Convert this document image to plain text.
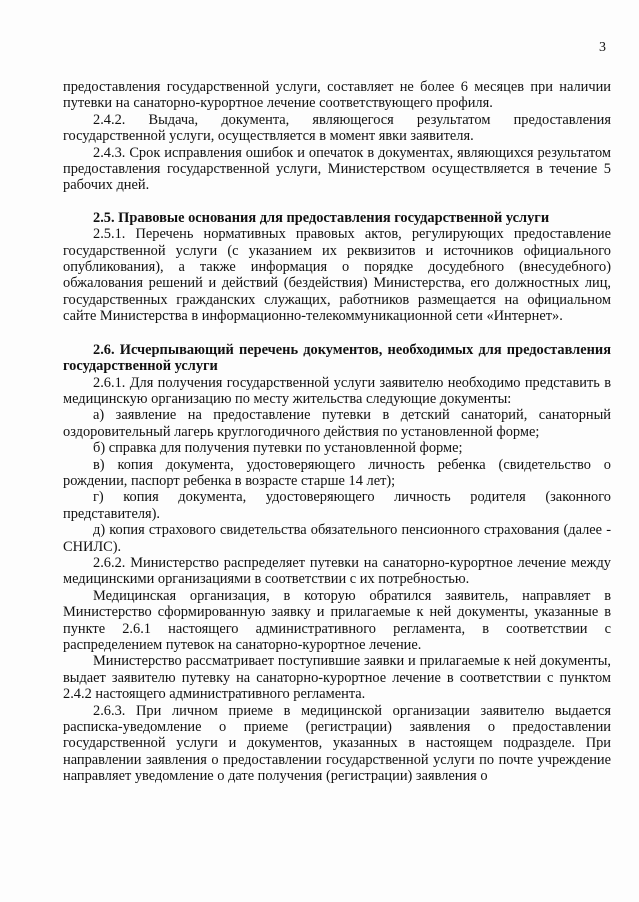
3

предоставления государственной услуги, составляет не более 6 месяцев при наличии путевки на санаторно-курортное лечение соответствующего профиля.

2.4.2. Выдача, документа, являющегося результатом предоставления государственной услуги, осуществляется в момент явки заявителя.

2.4.3. Срок исправления ошибок и опечаток в документах, являющихся результатом предоставления государственной услуги, Министерством осуществляется в течение 5 рабочих дней.

2.5. Правовые основания для предоставления государственной услуги

2.5.1. Перечень нормативных правовых актов, регулирующих предоставление государственной услуги (с указанием их реквизитов и источников официального опубликования), а также информация о порядке досудебного (внесудебного) обжалования решений и действий (бездействия) Министерства, его должностных лиц, государственных гражданских служащих, работников размещается на официальном сайте Министерства в информационно-телекоммуникационной сети «Интернет».

2.6. Исчерпывающий перечень документов, необходимых для предоставления государственной услуги

2.6.1. Для получения государственной услуги заявителю необходимо представить в медицинскую организацию по месту жительства следующие документы:

а) заявление на предоставление путевки в детский санаторий, санаторный оздоровительный лагерь круглогодичного действия по установленной форме;

б) справка для получения путевки по установленной форме;

в) копия документа, удостоверяющего личность ребенка (свидетельство о рождении, паспорт ребенка в возрасте старше 14 лет);

г) копия документа, удостоверяющего личность родителя (законного представителя).

д) копия страхового свидетельства обязательного пенсионного страхования (далее - СНИЛС).

2.6.2. Министерство распределяет путевки на санаторно-курортное лечение между медицинскими организациями в соответствии с их потребностью.

Медицинская организация, в которую обратился заявитель, направляет в Министерство сформированную заявку и прилагаемые к ней документы, указанные в пункте 2.6.1 настоящего административного регламента, в соответствии с распределением путевок на санаторно-курортное лечение.

Министерство рассматривает поступившие заявки и прилагаемые к ней документы, выдает заявителю путевку на санаторно-курортное лечение в соответствии с пунктом 2.4.2 настоящего административного регламента.

2.6.3. При личном приеме в медицинской организации заявителю выдается расписка-уведомление о приеме (регистрации) заявления о предоставлении государственной услуги и документов, указанных в настоящем подразделе. При направлении заявления о предоставлении государственной услуги по почте учреждение направляет уведомление о дате получения (регистрации) заявления о
